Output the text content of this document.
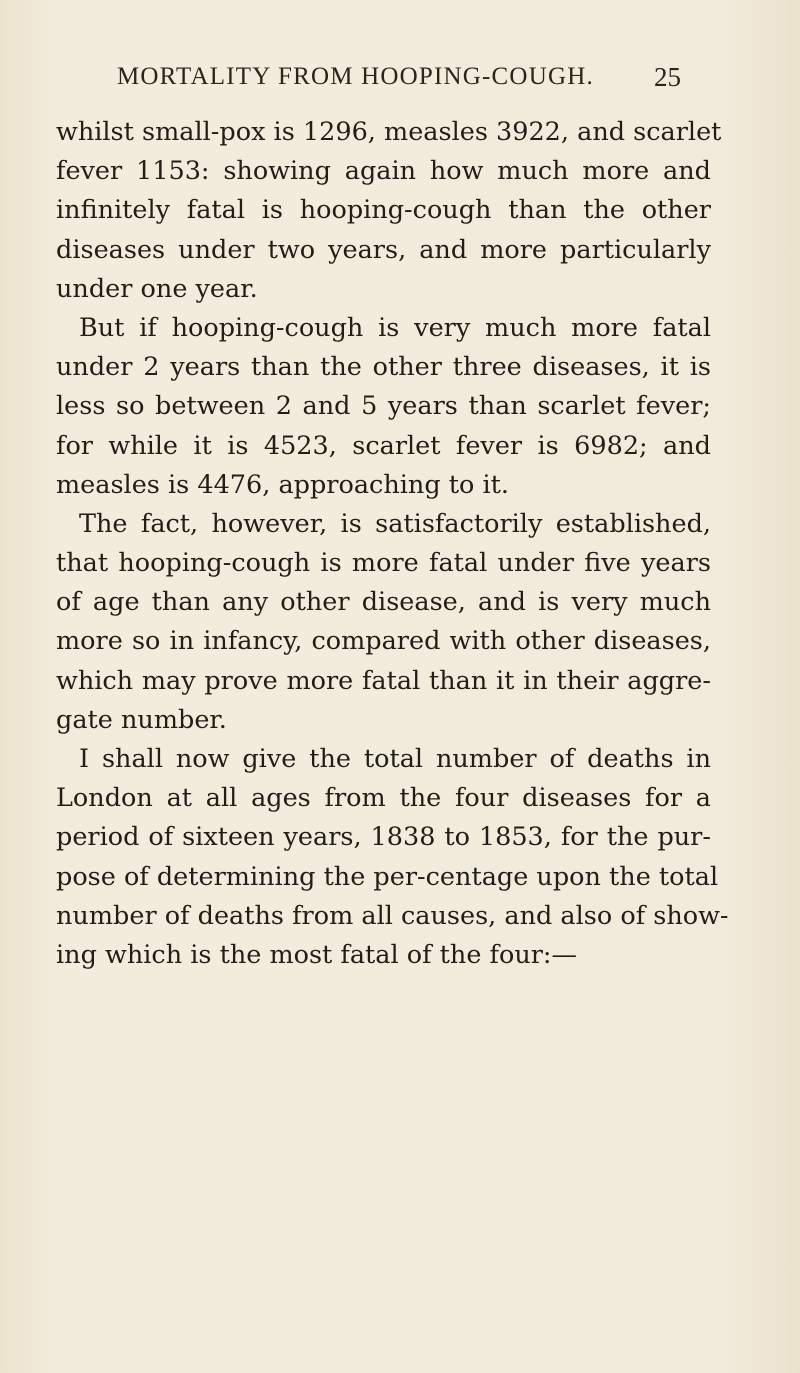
MORTALITY FROM HOOPING-COUGH. 25
whilst small-pox is 1296, measles 3922, and scarlet
fever 1153: showing again how much more and
infinitely fatal is hooping-cough than the other
diseases under two years, and more particularly
under one year.
But if hooping-cough is very much more fatal
under 2 years than the other three diseases, it is
less so between 2 and 5 years than scarlet fever;
for while it is 4523, scarlet fever is 6982; and
measles is 4476, approaching to it.
The fact, however, is satisfactorily established,
that hooping-cough is more fatal under five years
of age than any other disease, and is very much
more so in infancy, compared with other diseases,
which may prove more fatal than it in their aggre-
gate number.
I shall now give the total number of deaths in
London at all ages from the four diseases for a
period of sixteen years, 1838 to 1853, for the pur-
pose of determining the per-centage upon the total
number of deaths from all causes, and also of show-
ing which is the most fatal of the four:—
